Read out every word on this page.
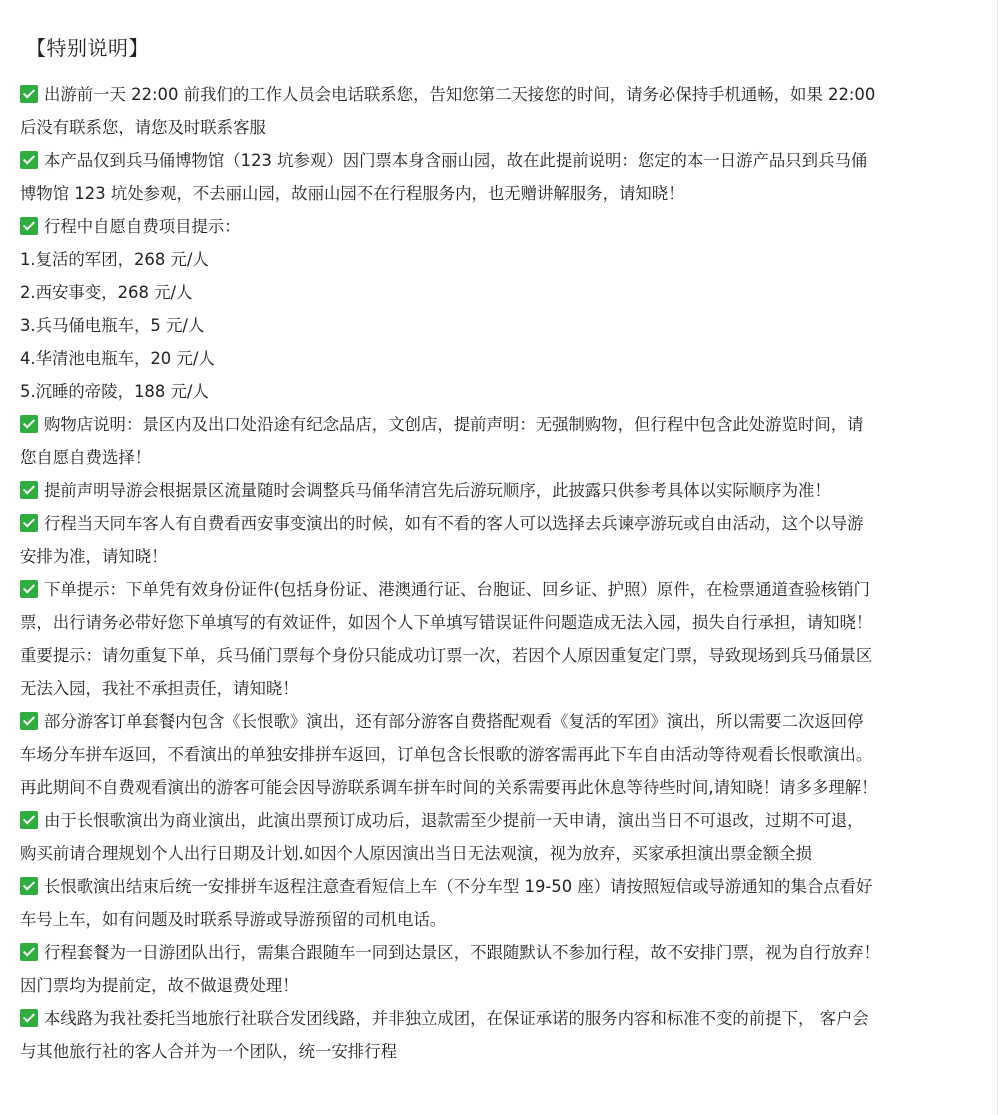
【特别说明】
出游前一天 22:00 前我们的工作人员会电话联系您，告知您第二天接您的时间，请务必保持手机通畅，如果 22:00
后没有联系您，请您及时联系客服
本产品仅到兵马俑博物馆（123 坑参观）因门票本身含丽山园，故在此提前说明：您定的本一日游产品只到兵马俑
博物馆 123 坑处参观，不去丽山园，故丽山园不在行程服务内，也无赠讲解服务，请知晓！
行程中自愿自费项目提示：
1.复活的军团，268 元/人
2.西安事变，268 元/人
3.兵马俑电瓶车，5 元/人
4.华清池电瓶车，20 元/人
5.沉睡的帝陵，188 元/人
购物店说明：景区内及出口处沿途有纪念品店，文创店，提前声明：无强制购物，但行程中包含此处游览时间，请
您自愿自费选择！
提前声明导游会根据景区流量随时会调整兵马俑华清宫先后游玩顺序，此披露只供参考具体以实际顺序为准！
行程当天同车客人有自费看西安事变演出的时候，如有不看的客人可以选择去兵谏亭游玩或自由活动，这个以导游
安排为准，请知晓！
下单提示：下单凭有效身份证件(包括身份证、港澳通行证、台胞证、回乡证、护照）原件，在检票通道查验核销门
票，出行请务必带好您下单填写的有效证件，如因个人下单填写错误证件问题造成无法入园，损失自行承担，请知晓！
重要提示：请勿重复下单，兵马俑门票每个身份只能成功订票一次，若因个人原因重复定门票，导致现场到兵马俑景区
无法入园，我社不承担责任，请知晓！
部分游客订单套餐内包含《长恨歌》演出，还有部分游客自费搭配观看《复活的军团》演出，所以需要二次返回停
车场分车拼车返回，不看演出的单独安排拼车返回，订单包含长恨歌的游客需再此下车自由活动等待观看长恨歌演出。
再此期间不自费观看演出的游客可能会因导游联系调车拼车时间的关系需要再此休息等待些时间,请知晓！请多多理解！
由于长恨歌演出为商业演出，此演出票预订成功后，退款需至少提前一天申请，演出当日不可退改，过期不可退，
购买前请合理规划个人出行日期及计划.如因个人原因演出当日无法观演，视为放弃，买家承担演出票金额全损
长恨歌演出结束后统一安排拼车返程注意查看短信上车（不分车型 19-50 座）请按照短信或导游通知的集合点看好
车号上车，如有问题及时联系导游或导游预留的司机电话。
行程套餐为一日游团队出行，需集合跟随车一同到达景区，不跟随默认不参加行程，故不安排门票，视为自行放弃！
因门票均为提前定，故不做退费处理！
本线路为我社委托当地旅行社联合发团线路，并非独立成团，在保证承诺的服务内容和标准不变的前提下， 客户会
与其他旅行社的客人合并为一个团队，统一安排行程
